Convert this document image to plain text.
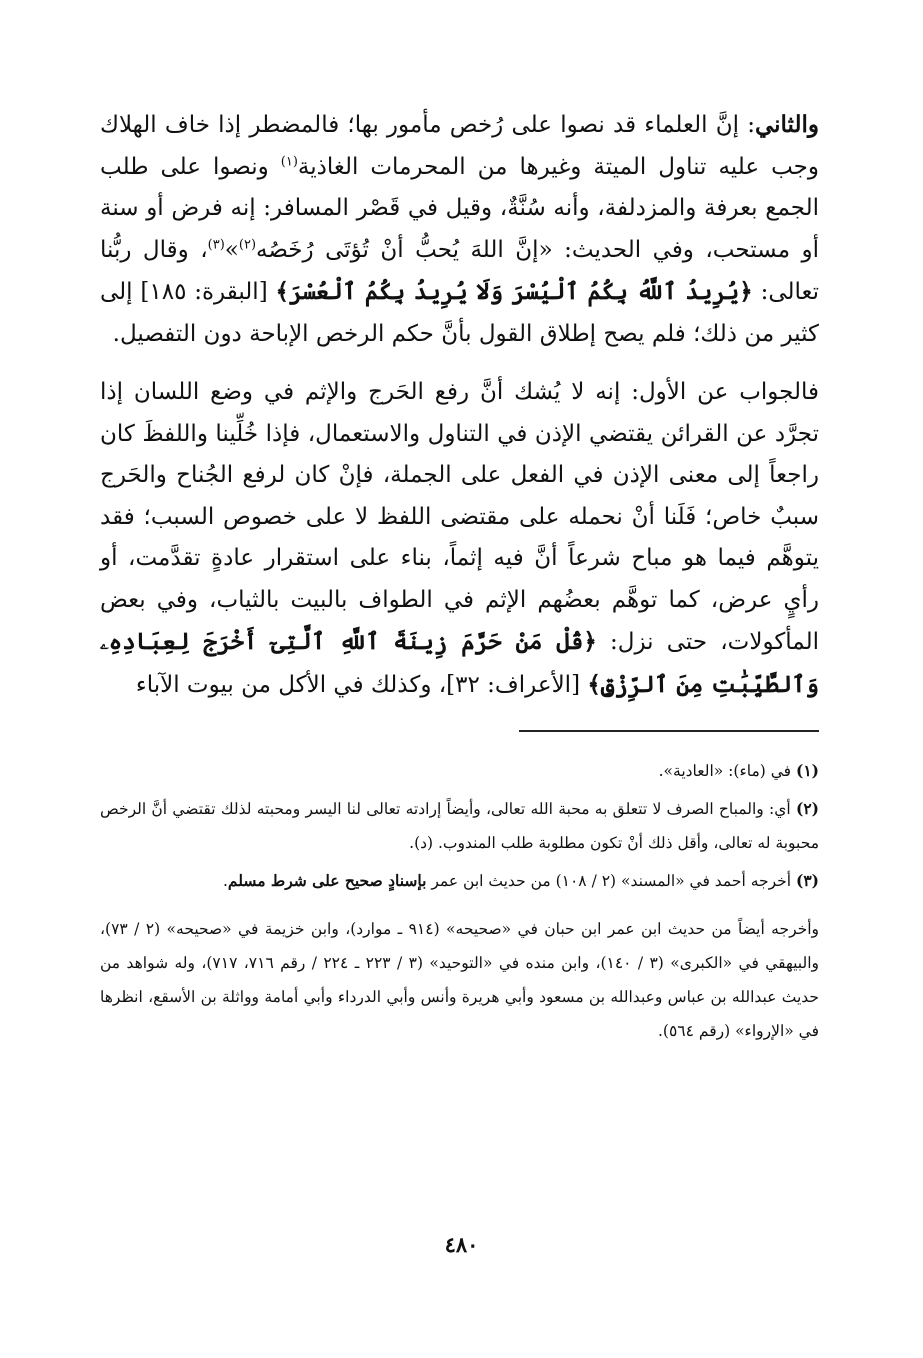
والثاني: إنَّ العلماء قد نصوا على رُخص مأمور بها؛ فالمضطر إذا خاف الهلاك وجب عليه تناول الميتة وغيرها من المحرمات الغاذية$^{(١)}$ ونصوا على طلب الجمع بعرفة والمزدلفة، وأنه سُنَّةٌ، وقيل في قَصْر المسافر: إنه فرض أو سنة أو مستحب، وفي الحديث: «إنَّ اللهَ يُحبُّ أنْ تُؤتَى رُخَصُه$^{(٢)}$»$^{(٣)}$، وقال ربُّنا تعالى: ﴿يُرِيدُ ٱللَّهُ بِكُمُ ٱلْيُسْرَ وَلَا يُرِيدُ بِكُمُ ٱلْعُسْرَ﴾ [البقرة: ١٨٥] إلى كثير من ذلك؛ فلم يصح إطلاق القول بأنَّ حكم الرخص الإباحة دون التفصيل.

فالجواب عن الأول: إنه لا يُشك أنَّ رفع الحَرج والإثم في وضع اللسان إذا تجرَّد عن القرائن يقتضي الإذن في التناول والاستعمال، فإذا خُلِّينا واللفظَ كان راجعاً إلى معنى الإذن في الفعل على الجملة، فإنْ كان لرفع الجُناح والحَرج سببٌ خاص؛ فَلَنا أنْ نحمله على مقتضى اللفظ لا على خصوص السبب؛ فقد يتوهَّم فيما هو مباح شرعاً أنَّ فيه إثماً، بناء على استقرار عادةٍ تقدَّمت، أو رأيٍ عرض، كما توهَّم بعضُهم الإثم في الطواف بالبيت بالثياب، وفي بعض المأكولات، حتى نزل: ﴿قُلْ مَنْ حَرَّمَ زِينَةَ ٱللَّهِ ٱلَّتِىٓ أَخْرَجَ لِعِبَادِهِۦ وَٱلطَّيِّبَٰتِ مِنَ ٱلرِّزْقِ﴾ [الأعراف: ٣٢]، وكذلك في الأكل من بيوت الآباء

(١) في (ماء): «العادية».

(٢) أي: والمباح الصرف لا تتعلق به محبة الله تعالى، وأيضاً إرادته تعالى لنا اليسر ومحبته لذلك تقتضي أنَّ الرخص محبوبة له تعالى، وأقل ذلك أنْ تكون مطلوبة طلب المندوب. (د).

(٣) أخرجه أحمد في «المسند» (٢ / ١٠٨) من حديث ابن عمر بإسنادٍ صحيح على شرط مسلم.

وأخرجه أيضاً من حديث ابن عمر ابن حبان في «صحيحه» (٩١٤ ـ موارد)، وابن خزيمة في «صحيحه» (٢ / ٧٣)، والبيهقي في «الكبرى» (٣ / ١٤٠)، وابن منده في «التوحيد» (٣ / ٢٢٣ ـ ٢٢٤ / رقم ٧١٦، ٧١٧)، وله شواهد من حديث عبدالله بن عباس وعبدالله بن مسعود وأبي هريرة وأنس وأبي الدرداء وأبي أمامة وواثلة بن الأسقع، انظرها في «الإرواء» (رقم ٥٦٤).

٤٨٠
